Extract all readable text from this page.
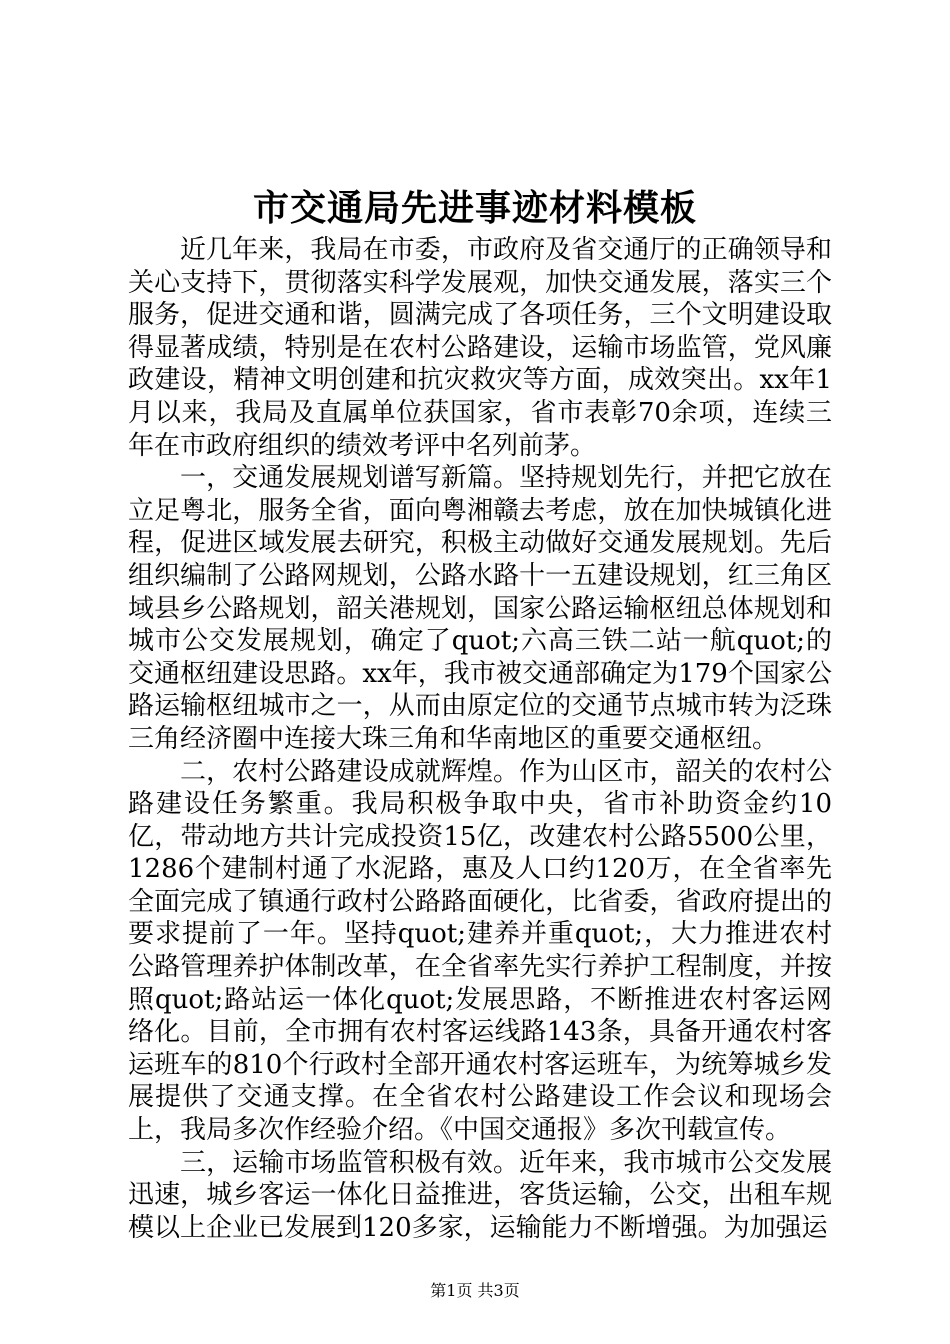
市交通局先进事迹材料模板

近几年来，我局在市委，市政府及省交通厅的正确领导和关心支持下，贯彻落实科学发展观，加快交通发展，落实三个服务，促进交通和谐，圆满完成了各项任务，三个文明建设取得显著成绩，特别是在农村公路建设，运输市场监管，党风廉政建设，精神文明创建和抗灾救灾等方面，成效突出。xx年1月以来，我局及直属单位获国家，省市表彰70余项，连续三年在市政府组织的绩效考评中名列前茅。

一，交通发展规划谱写新篇。坚持规划先行，并把它放在立足粤北，服务全省，面向粤湘赣去考虑，放在加快城镇化进程，促进区域发展去研究，积极主动做好交通发展规划。先后组织编制了公路网规划，公路水路十一五建设规划，红三角区域县乡公路规划，韶关港规划，国家公路运输枢纽总体规划和城市公交发展规划，确定了quot;六高三铁二站一航quot;的交通枢纽建设思路。xx年，我市被交通部确定为179个国家公路运输枢纽城市之一，从而由原定位的交通节点城市转为泛珠三角经济圈中连接大珠三角和华南地区的重要交通枢纽。

二，农村公路建设成就辉煌。作为山区市，韶关的农村公路建设任务繁重。我局积极争取中央，省市补助资金约10亿，带动地方共计完成投资15亿，改建农村公路5500公里，1286个建制村通了水泥路，惠及人口约120万，在全省率先全面完成了镇通行政村公路路面硬化，比省委，省政府提出的要求提前了一年。坚持quot;建养并重quot;，大力推进农村公路管理养护体制改革，在全省率先实行养护工程制度，并按照quot;路站运一体化quot;发展思路，不断推进农村客运网络化。目前，全市拥有农村客运线路143条，具备开通农村客运班车的810个行政村全部开通农村客运班车，为统筹城乡发展提供了交通支撑。在全省农村公路建设工作会议和现场会上，我局多次作经验介绍。《中国交通报》多次刊载宣传。

三，运输市场监管积极有效。近年来，我市城市公交发展迅速，城乡客运一体化日益推进，客货运输，公交，出租车规模以上企业已发展到120多家，运输能力不断增强。为加强运

第1页 共3页
